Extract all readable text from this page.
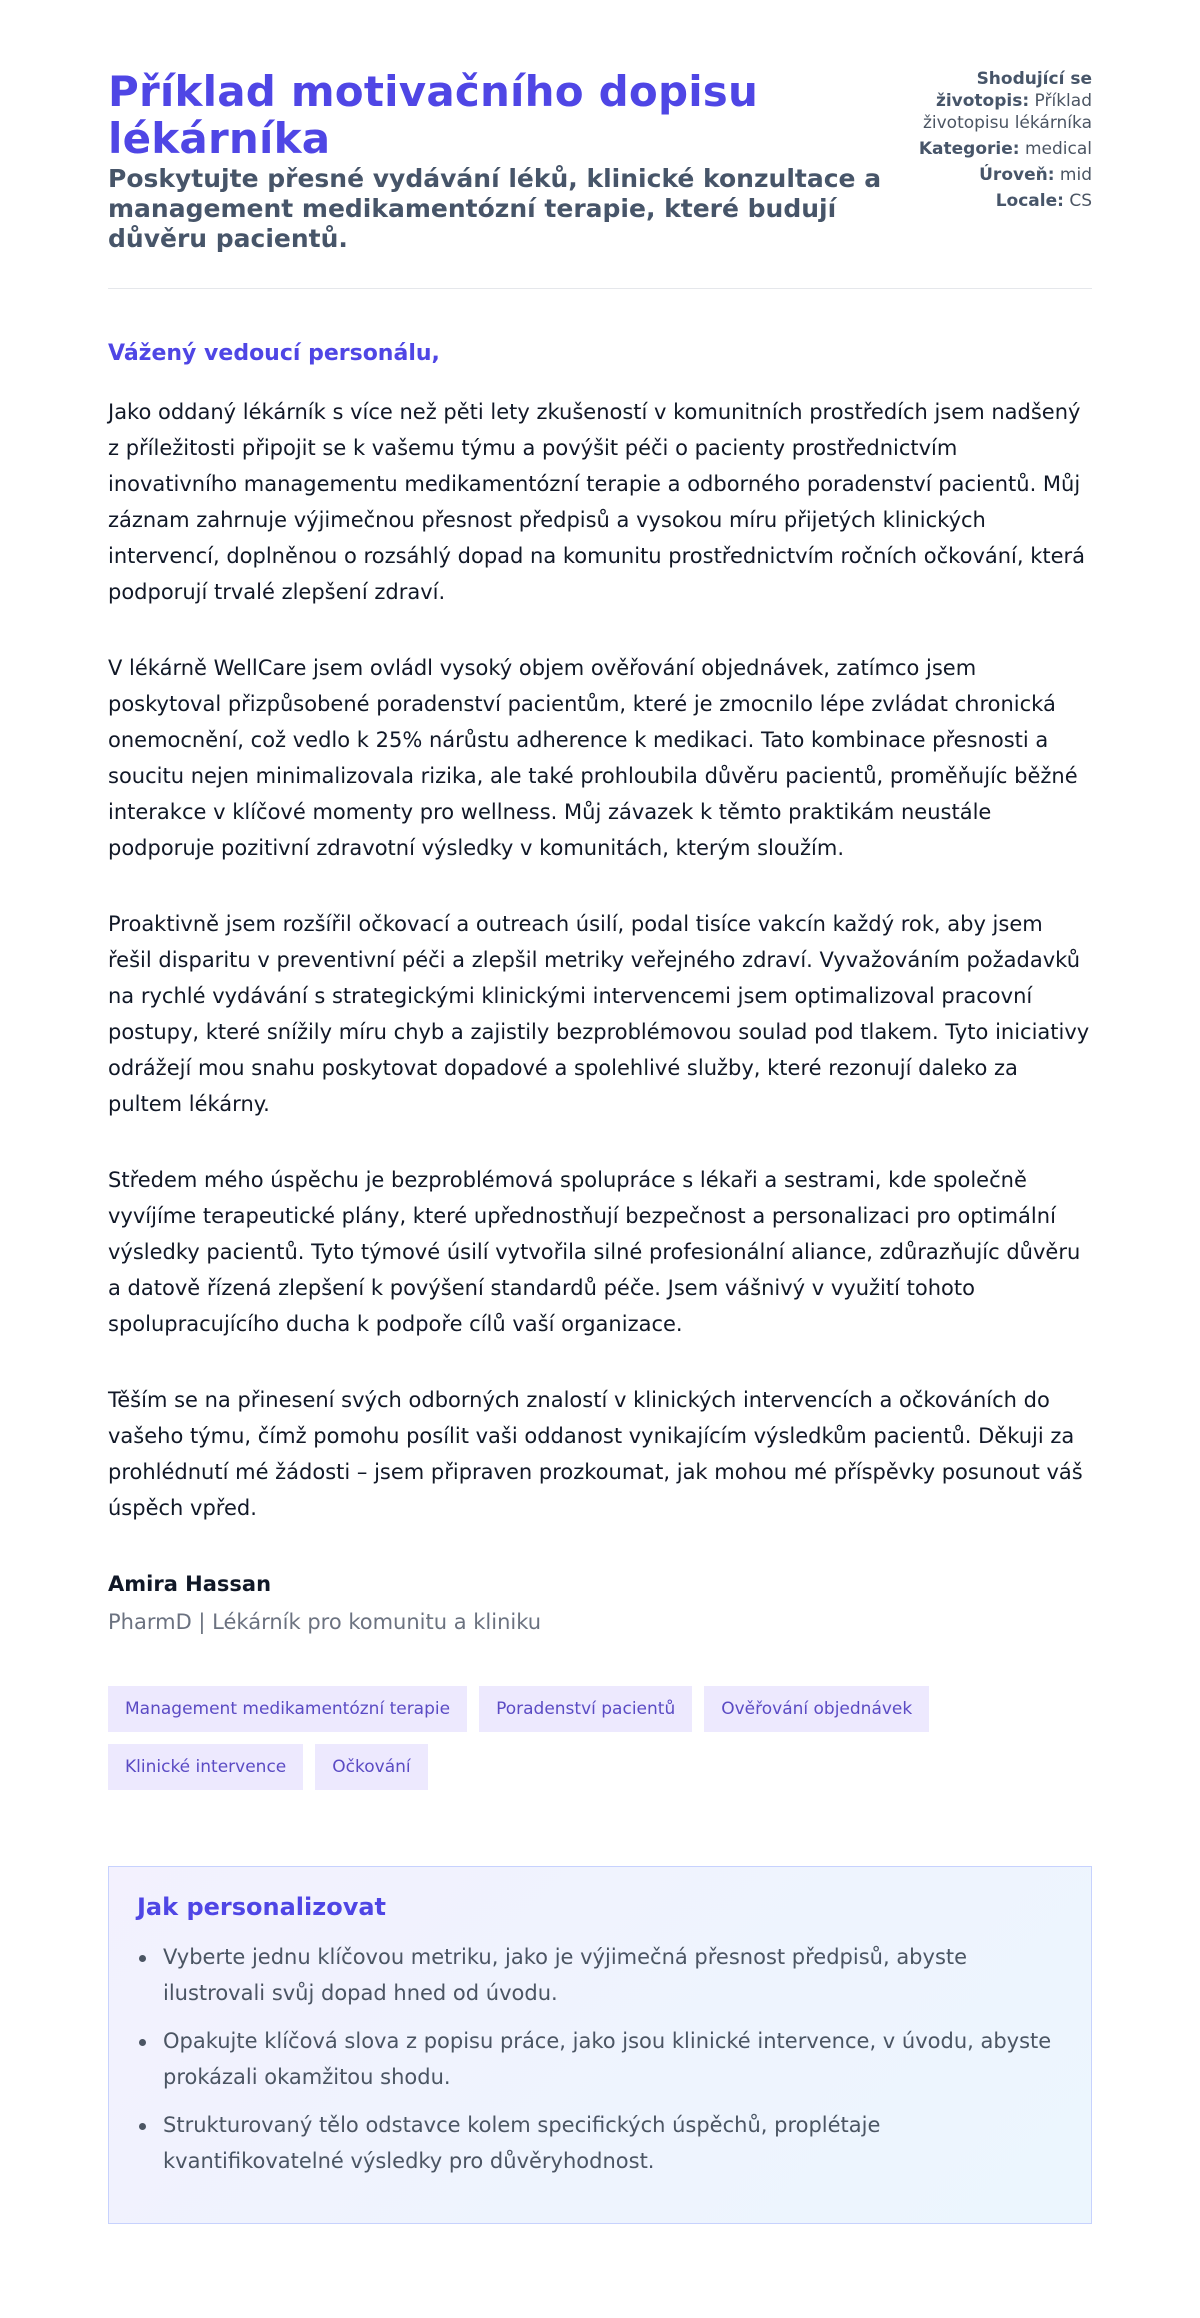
Příklad motivačního dopisu lékárníka
Poskytujte přesné vydávání léků, klinické konzultace a management medikamentózní terapie, které budují důvěru pacientů.
Shodující se životopis: Příklad životopisu lékárníka
Kategorie: medical
Úroveň: mid
Locale: CS
Vážený vedoucí personálu,

Jako oddaný lékárník s více než pěti lety zkušeností v komunitních prostředích jsem nadšený z příležitosti připojit se k vašemu týmu a povýšit péči o pacienty prostřednictvím inovativního managementu medikamentózní terapie a odborného poradenství pacientů. Můj záznam zahrnuje výjimečnou přesnost předpisů a vysokou míru přijetých klinických intervencí, doplněnou o rozsáhlý dopad na komunitu prostřednictvím ročních očkování, která podporují trvalé zlepšení zdraví.

V lékárně WellCare jsem ovládl vysoký objem ověřování objednávek, zatímco jsem poskytoval přizpůsobené poradenství pacientům, které je zmocnilo lépe zvládat chronická onemocnění, což vedlo k 25% nárůstu adherence k medikaci. Tato kombinace přesnosti a soucitu nejen minimalizovala rizika, ale také prohloubila důvěru pacientů, proměňujíc běžné interakce v klíčové momenty pro wellness. Můj závazek k těmto praktikám neustále podporuje pozitivní zdravotní výsledky v komunitách, kterým sloužím.

Proaktivně jsem rozšířil očkovací a outreach úsilí, podal tisíce vakcín každý rok, aby jsem řešil disparitu v preventivní péči a zlepšil metriky veřejného zdraví. Vyvažováním požadavků na rychlé vydávání s strategickými klinickými intervencemi jsem optimalizoval pracovní postupy, které snížily míru chyb a zajistily bezproblémovou soulad pod tlakem. Tyto iniciativy odrážejí mou snahu poskytovat dopadové a spolehlivé služby, které rezonují daleko za pultem lékárny.

Středem mého úspěchu je bezproblémová spolupráce s lékaři a sestrami, kde společně vyvíjíme terapeutické plány, které upřednostňují bezpečnost a personalizaci pro optimální výsledky pacientů. Tyto týmové úsilí vytvořila silné profesionální aliance, zdůrazňujíc důvěru a datově řízená zlepšení k povýšení standardů péče. Jsem vášnivý v využití tohoto spolupracujícího ducha k podpoře cílů vaší organizace.

Těším se na přinesení svých odborných znalostí v klinických intervencích a očkováních do vašeho týmu, čímž pomohu posílit vaši oddanost vynikajícím výsledkům pacientů. Děkuji za prohlédnutí mé žádosti – jsem připraven prozkoumat, jak mohou mé příspěvky posunout váš úspěch vpřed.

Amira Hassan
PharmD | Lékárník pro komunitu a kliniku
Management medikamentózní terapie	Poradenství pacientů	Ověřování objednávek
Klinické intervence	Očkování
Jak personalizovat
Vyberte jednu klíčovou metriku, jako je výjimečná přesnost předpisů, abyste ilustrovali svůj dopad hned od úvodu.
Opakujte klíčová slova z popisu práce, jako jsou klinické intervence, v úvodu, abyste prokázali okamžitou shodu.
Strukturovaný tělo odstavce kolem specifických úspěchů, proplétaje kvantifikovatelné výsledky pro důvěryhodnost.
